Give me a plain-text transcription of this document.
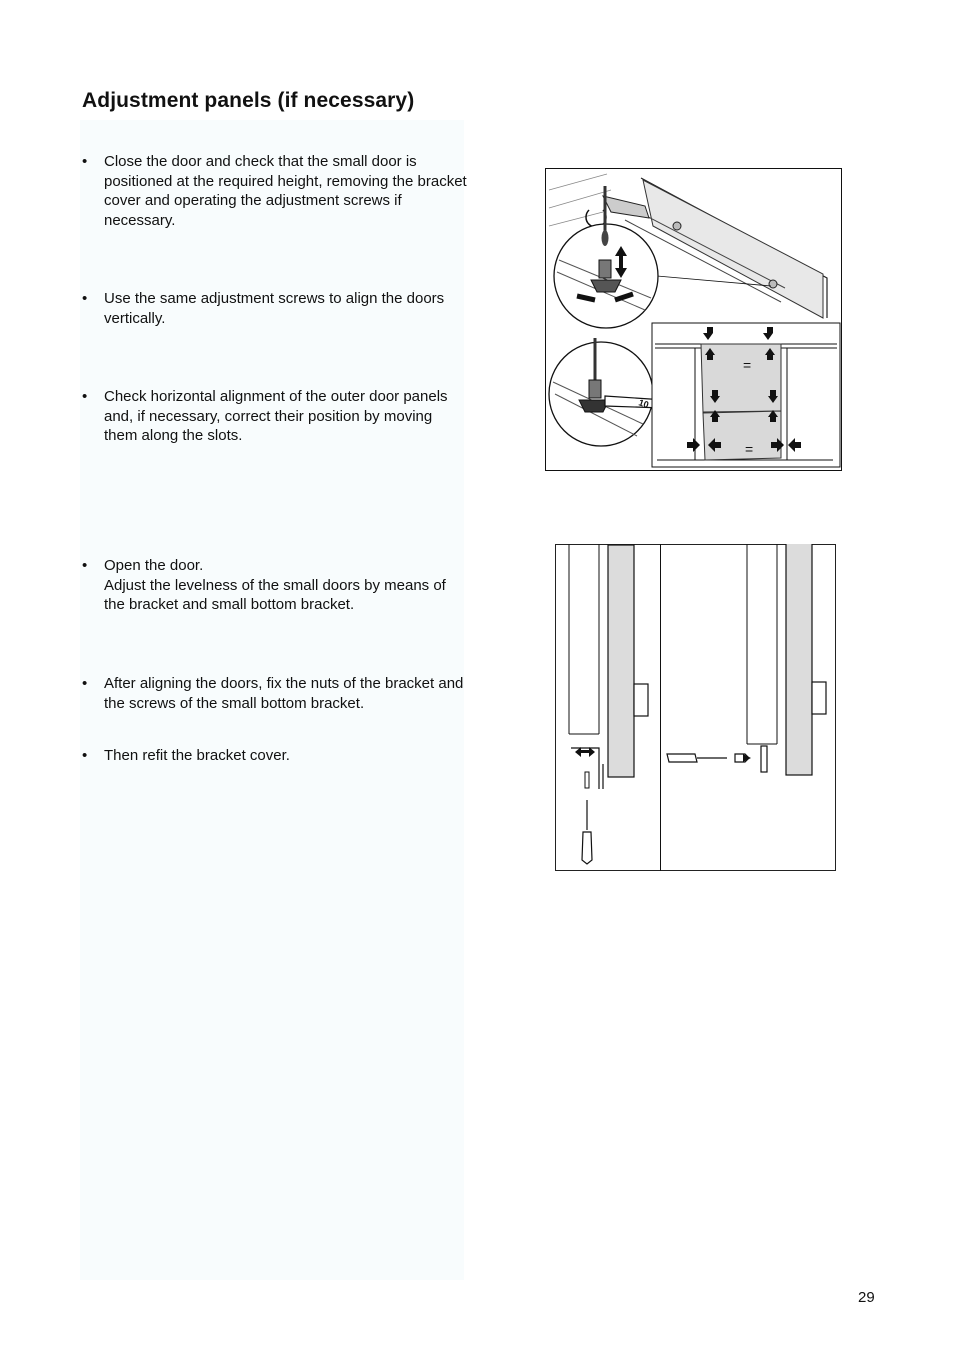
Adjustment panels (if necessary)
• Close the door and check that the small door is positioned at the required height, removing the bracket cover and operating the adjustment screws if necessary.
• Use the same adjustment screws to align the doors vertically.
• Check horizontal alignment of the outer door panels and, if necessary, correct their position by moving them along the slots.
• Open the door.
Adjust the levelness of the small doors by means of the bracket and small bottom bracket.
• After aligning the doors, fix the nuts of the bracket and the screws of the small bottom bracket.
• Then refit the bracket cover.
10
=
=
29
